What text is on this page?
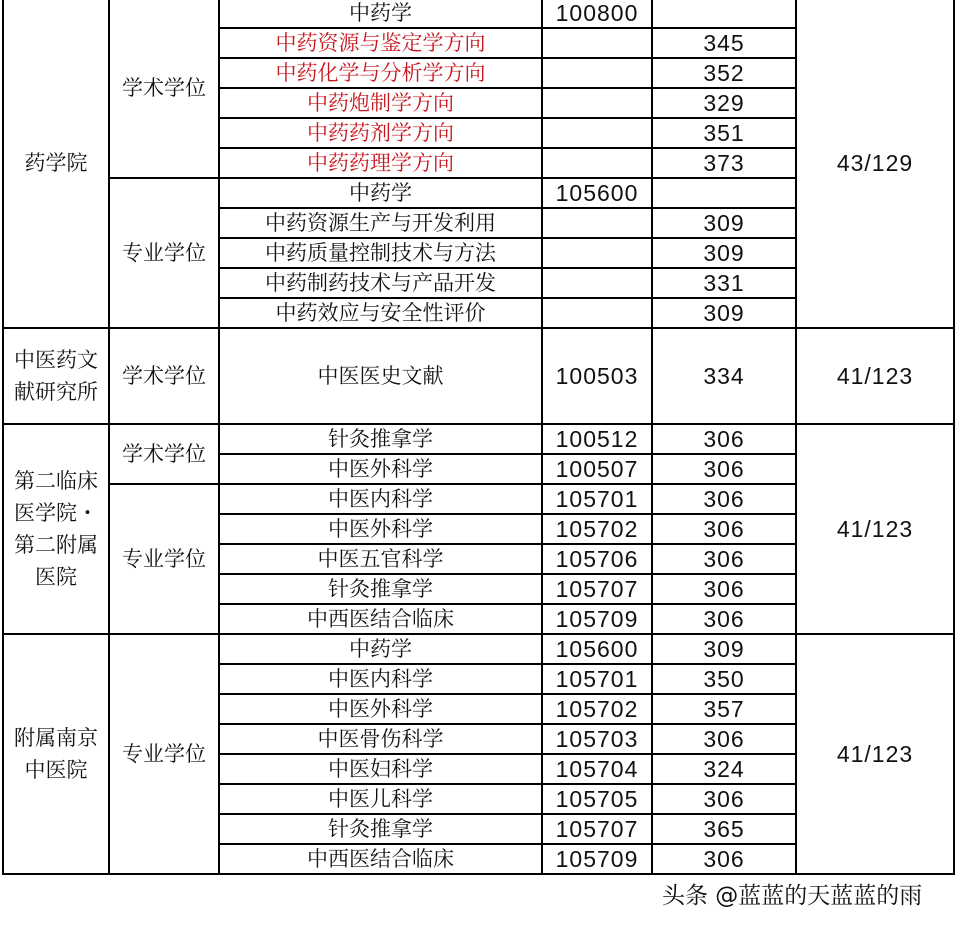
药学院	学术学位	中药学	100800		43/129
		中药资源与鉴定学方向		345	
		中药化学与分析学方向		352	
		中药炮制学方向		329	
		中药药剂学方向		351	
		中药药理学方向		373	
	专业学位	中药学	105600		
		中药资源生产与开发利用		309	
		中药质量控制技术与方法		309	
		中药制药技术与产品开发		331	
		中药效应与安全性评价		309	
中医药文献研究所	学术学位	中医医史文献	100503	334	41/123
第二临床医学院・第二附属医院	学术学位	针灸推拿学	100512	306	41/123
		中医外科学	100507	306	
	专业学位	中医内科学	105701	306	
		中医外科学	105702	306	
		中医五官科学	105706	306	
		针灸推拿学	105707	306	
		中西医结合临床	105709	306	
附属南京中医院	专业学位	中药学	105600	309	41/123
		中医内科学	105701	350	
		中医外科学	105702	357	
		中医骨伤科学	105703	306	
		中医妇科学	105704	324	
		中医儿科学	105705	306	
		针灸推拿学	105707	365	
		中西医结合临床	105709	306	
头条 @蓝蓝的天蓝蓝的雨
